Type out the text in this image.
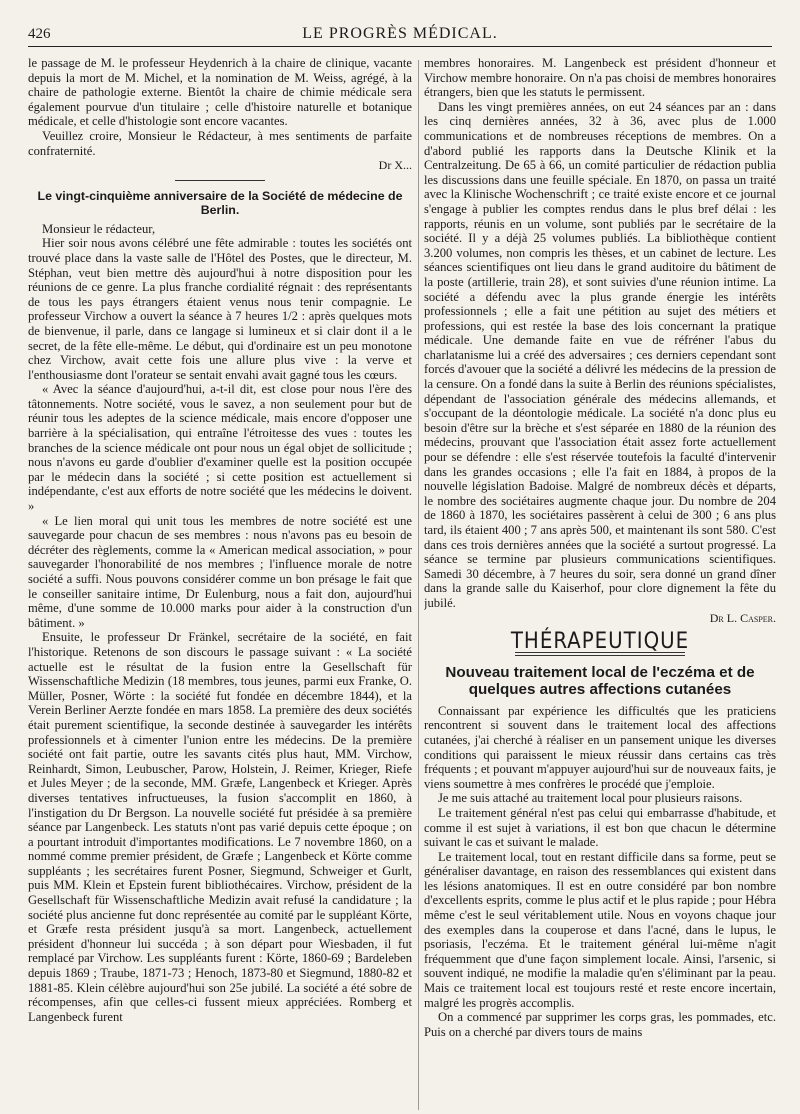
426	LE PROGRÈS MÉDICAL.

le passage de M. le professeur Heydenrich à la chaire de clinique, vacante depuis la mort de M. Michel, et la nomination de M. Weiss, agrégé, à la chaire de pathologie externe. Bientôt la chaire de chimie médicale sera également pourvue d'un titulaire ; celle d'histoire naturelle et botanique médicale, et celle d'histologie sont encore vacantes.

Veuillez croire, Monsieur le Rédacteur, à mes sentiments de parfaite confraternité.

Dr X...

Le vingt-cinquième anniversaire de la Société de médecine de Berlin.

Monsieur le rédacteur,

Hier soir nous avons célébré une fête admirable : toutes les sociétés ont trouvé place dans la vaste salle de l'Hôtel des Postes, que le directeur, M. Stéphan, veut bien mettre dès aujourd'hui à notre disposition pour les réunions de ce genre. La plus franche cordialité régnait : des représentants de tous les pays étrangers étaient venus nous tenir compagnie. Le professeur Virchow a ouvert la séance à 7 heures 1/2 : après quelques mots de bienvenue, il parle, dans ce langage si lumineux et si clair dont il a le secret, de la fête elle-même. Le début, qui d'ordinaire est un peu monotone chez Virchow, avait cette fois une allure plus vive : la verve et l'enthousiasme dont l'orateur se sentait envahi avait gagné tous les cœurs.

« Avec la séance d'aujourd'hui, a-t-il dit, est close pour nous l'ère des tâtonnements. Notre société, vous le savez, a non seulement pour but de réunir tous les adeptes de la science médicale, mais encore d'opposer une barrière à la spécialisation, qui entraîne l'étroitesse des vues : toutes les branches de la science médicale ont pour nous un égal objet de sollicitude ; nous n'avons eu garde d'oublier d'examiner quelle est la position occupée par le médecin dans la société ; si cette position est actuellement si indépendante, c'est aux efforts de notre société que les médecins le doivent. »

« Le lien moral qui unit tous les membres de notre société est une sauvegarde pour chacun de ses membres : nous n'avons pas eu besoin de décréter des règlements, comme la « American medical association, » pour sauvegarder l'honorabilité de nos membres ; l'influence morale de notre société a suffi. Nous pouvons considérer comme un bon présage le fait que le conseiller sanitaire intime, Dr Eulenburg, nous a fait don, aujourd'hui même, d'une somme de 10.000 marks pour aider à la construction d'un bâtiment. »

Ensuite, le professeur Dr Fränkel, secrétaire de la société, en fait l'historique. Retenons de son discours le passage suivant : « La société actuelle est le résultat de la fusion entre la Gesellschaft für Wissenschaftliche Medizin (18 membres, tous jeunes, parmi eux Franke, O. Müller, Posner, Wörte : la société fut fondée en décembre 1844), et la Verein Berliner Aerzte fondée en mars 1858. La première des deux sociétés était purement scientifique, la seconde destinée à sauvegarder les intérêts professionnels et à cimenter l'union entre les médecins. De la première société ont fait partie, outre les savants cités plus haut, MM. Virchow, Reinhardt, Simon, Leubuscher, Parow, Holstein, J. Reimer, Krieger, Riefe et Jules Meyer ; de la seconde, MM. Græfe, Langenbeck et Krieger. Après diverses tentatives infructueuses, la fusion s'accomplit en 1860, à l'instigation du Dr Bergson. La nouvelle société fut présidée à sa première séance par Langenbeck. Les statuts n'ont pas varié depuis cette époque ; on a pourtant introduit d'importantes modifications. Le 7 novembre 1860, on a nommé comme premier président, de Græfe ; Langenbeck et Körte comme suppléants ; les secrétaires furent Posner, Siegmund, Schweiger et Gurlt, puis MM. Klein et Epstein furent bibliothécaires. Virchow, président de la Gesellschaft für Wissenschaftliche Medizin avait refusé la candidature ; la société plus ancienne fut donc représentée au comité par le suppléant Körte, et Græfe resta président jusqu'à sa mort. Langenbeck, actuellement président d'honneur lui succéda ; à son départ pour Wiesbaden, il fut remplacé par Virchow. Les suppléants furent : Körte, 1860-69 ; Bardeleben depuis 1869 ; Traube, 1871-73 ; Henoch, 1873-80 et Siegmund, 1880-82 et 1881-85. Klein célèbre aujourd'hui son 25e jubilé. La société a été sobre de récompenses, afin que celles-ci fussent mieux appréciées. Romberg et Langenbeck furent

membres honoraires. M. Langenbeck est président d'honneur et Virchow membre honoraire. On n'a pas choisi de membres honoraires étrangers, bien que les statuts le permissent.

Dans les vingt premières années, on eut 24 séances par an : dans les cinq dernières années, 32 à 36, avec plus de 1.000 communications et de nombreuses réceptions de membres. On a d'abord publié les rapports dans la Deutsche Klinik et la Centralzeitung. De 65 à 66, un comité particulier de rédaction publia les discussions dans une feuille spéciale. En 1870, on passa un traité avec la Klinische Wochenschrift ; ce traité existe encore et ce journal s'engage à publier les comptes rendus dans le plus bref délai : les rapports, réunis en un volume, sont publiés par le secrétaire de la société. Il y a déjà 25 volumes publiés. La bibliothèque contient 3.200 volumes, non compris les thèses, et un cabinet de lecture. Les séances scientifiques ont lieu dans le grand auditoire du bâtiment de la poste (artillerie, train 28), et sont suivies d'une réunion intime. La société a défendu avec la plus grande énergie les intérêts professionnels ; elle a fait une pétition au sujet des métiers et professions, qui est restée la base des lois concernant la pratique médicale. Une demande faite en vue de réfréner l'abus du charlatanisme lui a créé des adversaires ; ces derniers cependant sont forcés d'avouer que la société a délivré les médecins de la pression de la censure. On a fondé dans la suite à Berlin des réunions spécialistes, dépendant de l'association générale des médecins allemands, et s'occupant de la déontologie médicale. La société n'a donc plus eu besoin d'être sur la brèche et s'est séparée en 1880 de la réunion des médecins, prouvant que l'association était assez forte actuellement pour se défendre : elle s'est réservée toutefois la faculté d'intervenir dans les grandes occasions ; elle l'a fait en 1884, à propos de la nouvelle législation Badoise. Malgré de nombreux décès et départs, le nombre des sociétaires augmente chaque jour. Du nombre de 204 de 1860 à 1870, les sociétaires passèrent à celui de 300 ; 6 ans plus tard, ils étaient 400 ; 7 ans après 500, et maintenant ils sont 580. C'est dans ces trois dernières années que la société a surtout progressé. La séance se termine par plusieurs communications scientifiques. Samedi 30 décembre, à 7 heures du soir, sera donné un grand dîner dans la grande salle du Kaiserhof, pour clore dignement la fête du jubilé.

Dr L. Casper.

THÉRAPEUTIQUE
Nouveau traitement local de l'eczéma et de quelques autres affections cutanées

Connaissant par expérience les difficultés que les praticiens rencontrent si souvent dans le traitement local des affections cutanées, j'ai cherché à réaliser en un pansement unique les diverses conditions qui paraissent le mieux réussir dans certains cas très fréquents ; et pouvant m'appuyer aujourd'hui sur de nouveaux faits, je viens soumettre à mes confrères le procédé que j'emploie.

Je me suis attaché au traitement local pour plusieurs raisons.

Le traitement général n'est pas celui qui embarrasse d'habitude, et comme il est sujet à variations, il est bon que chacun le détermine suivant le cas et suivant le malade.

Le traitement local, tout en restant difficile dans sa forme, peut se généraliser davantage, en raison des ressemblances qui existent dans les lésions anatomiques. Il est en outre considéré par bon nombre d'excellents esprits, comme le plus actif et le plus rapide ; pour Hébra même c'est le seul véritablement utile. Nous en voyons chaque jour des exemples dans la couperose et dans l'acné, dans le lupus, le psoriasis, l'eczéma. Et le traitement général lui-même n'agit fréquemment que d'une façon simplement locale. Ainsi, l'arsenic, si souvent indiqué, ne modifie la maladie qu'en s'éliminant par la peau. Mais ce traitement local est toujours resté et reste encore incertain, malgré les progrès accomplis.

On a commencé par supprimer les corps gras, les pommades, etc. Puis on a cherché par divers tours de mains
